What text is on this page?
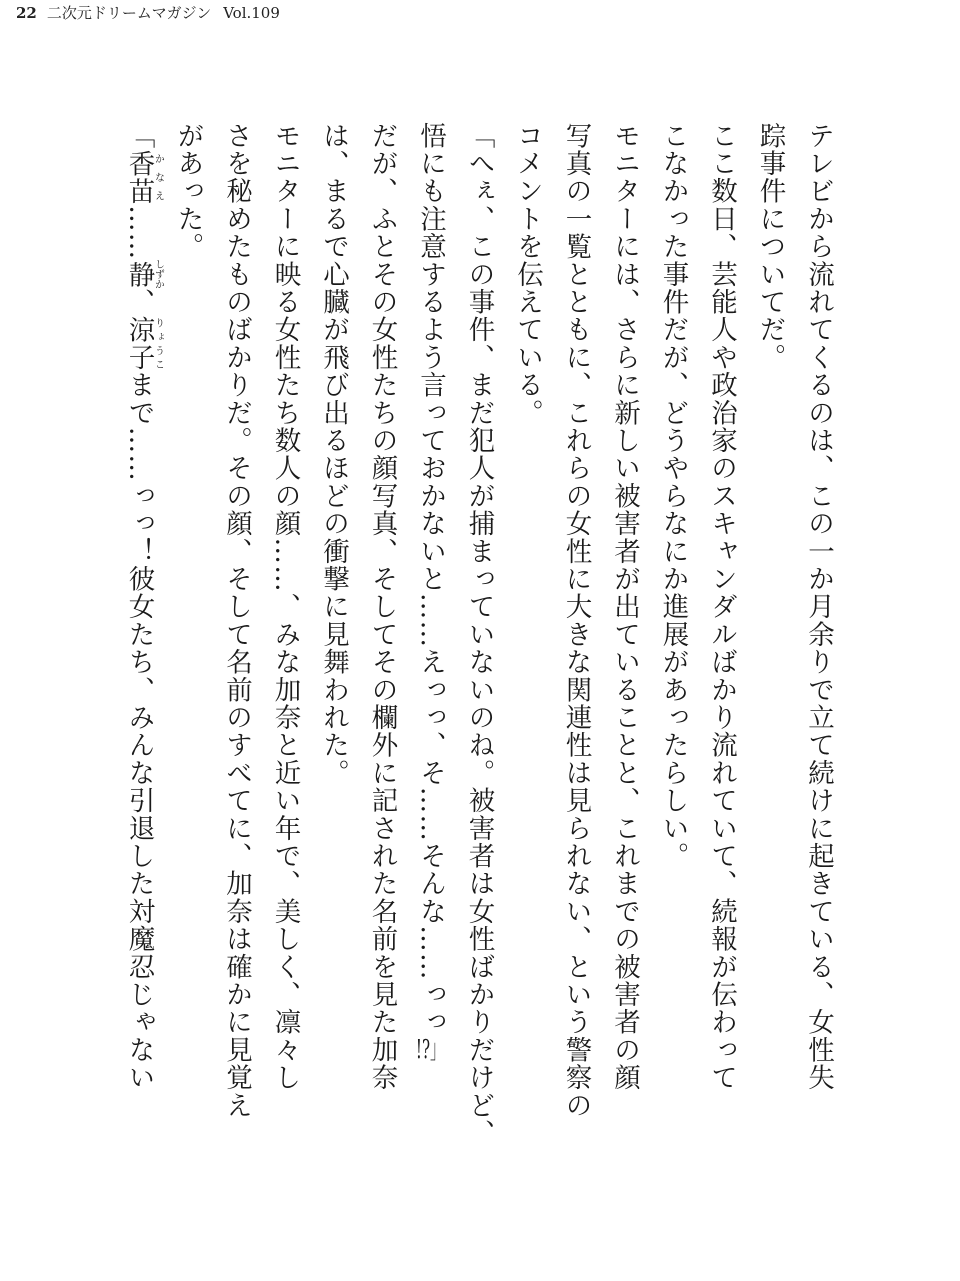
22 二次元ドリームマガジン Vol.109
テレビから流れてくるのは、この一か月余りで立て続けに起きている、女性失
踪事件についてだ。
ここ数日、芸能人や政治家のスキャンダルばかり流れていて、続報が伝わって
こなかった事件だが、どうやらなにか進展があったらしい。
モニターには、さらに新しい被害者が出ていることと、これまでの被害者の顔
写真の一覧とともに、これらの女性に大きな関連性は見られない、という警察の
コメントを伝えている。
「へぇ、この事件、まだ犯人が捕まっていないのね。被害者は女性ばかりだけど、
悟にも注意するよう言っておかないと……えっっ、そ……そんな……っっ!?」
だが、ふとその女性たちの顔写真、そしてその欄外に記された名前を見た加奈
は、まるで心臓が飛び出るほどの衝撃に見舞われた。
モニターに映る女性たち数人の顔……、みな加奈と近い年で、美しく、凛々し
さを秘めたものばかりだ。その顔、そして名前のすべてに、加奈は確かに見覚え
があった。
「香苗かなえ……静しずか、涼子りょうこまで……っっ！彼女たち、みんな引退した対魔忍じゃない
